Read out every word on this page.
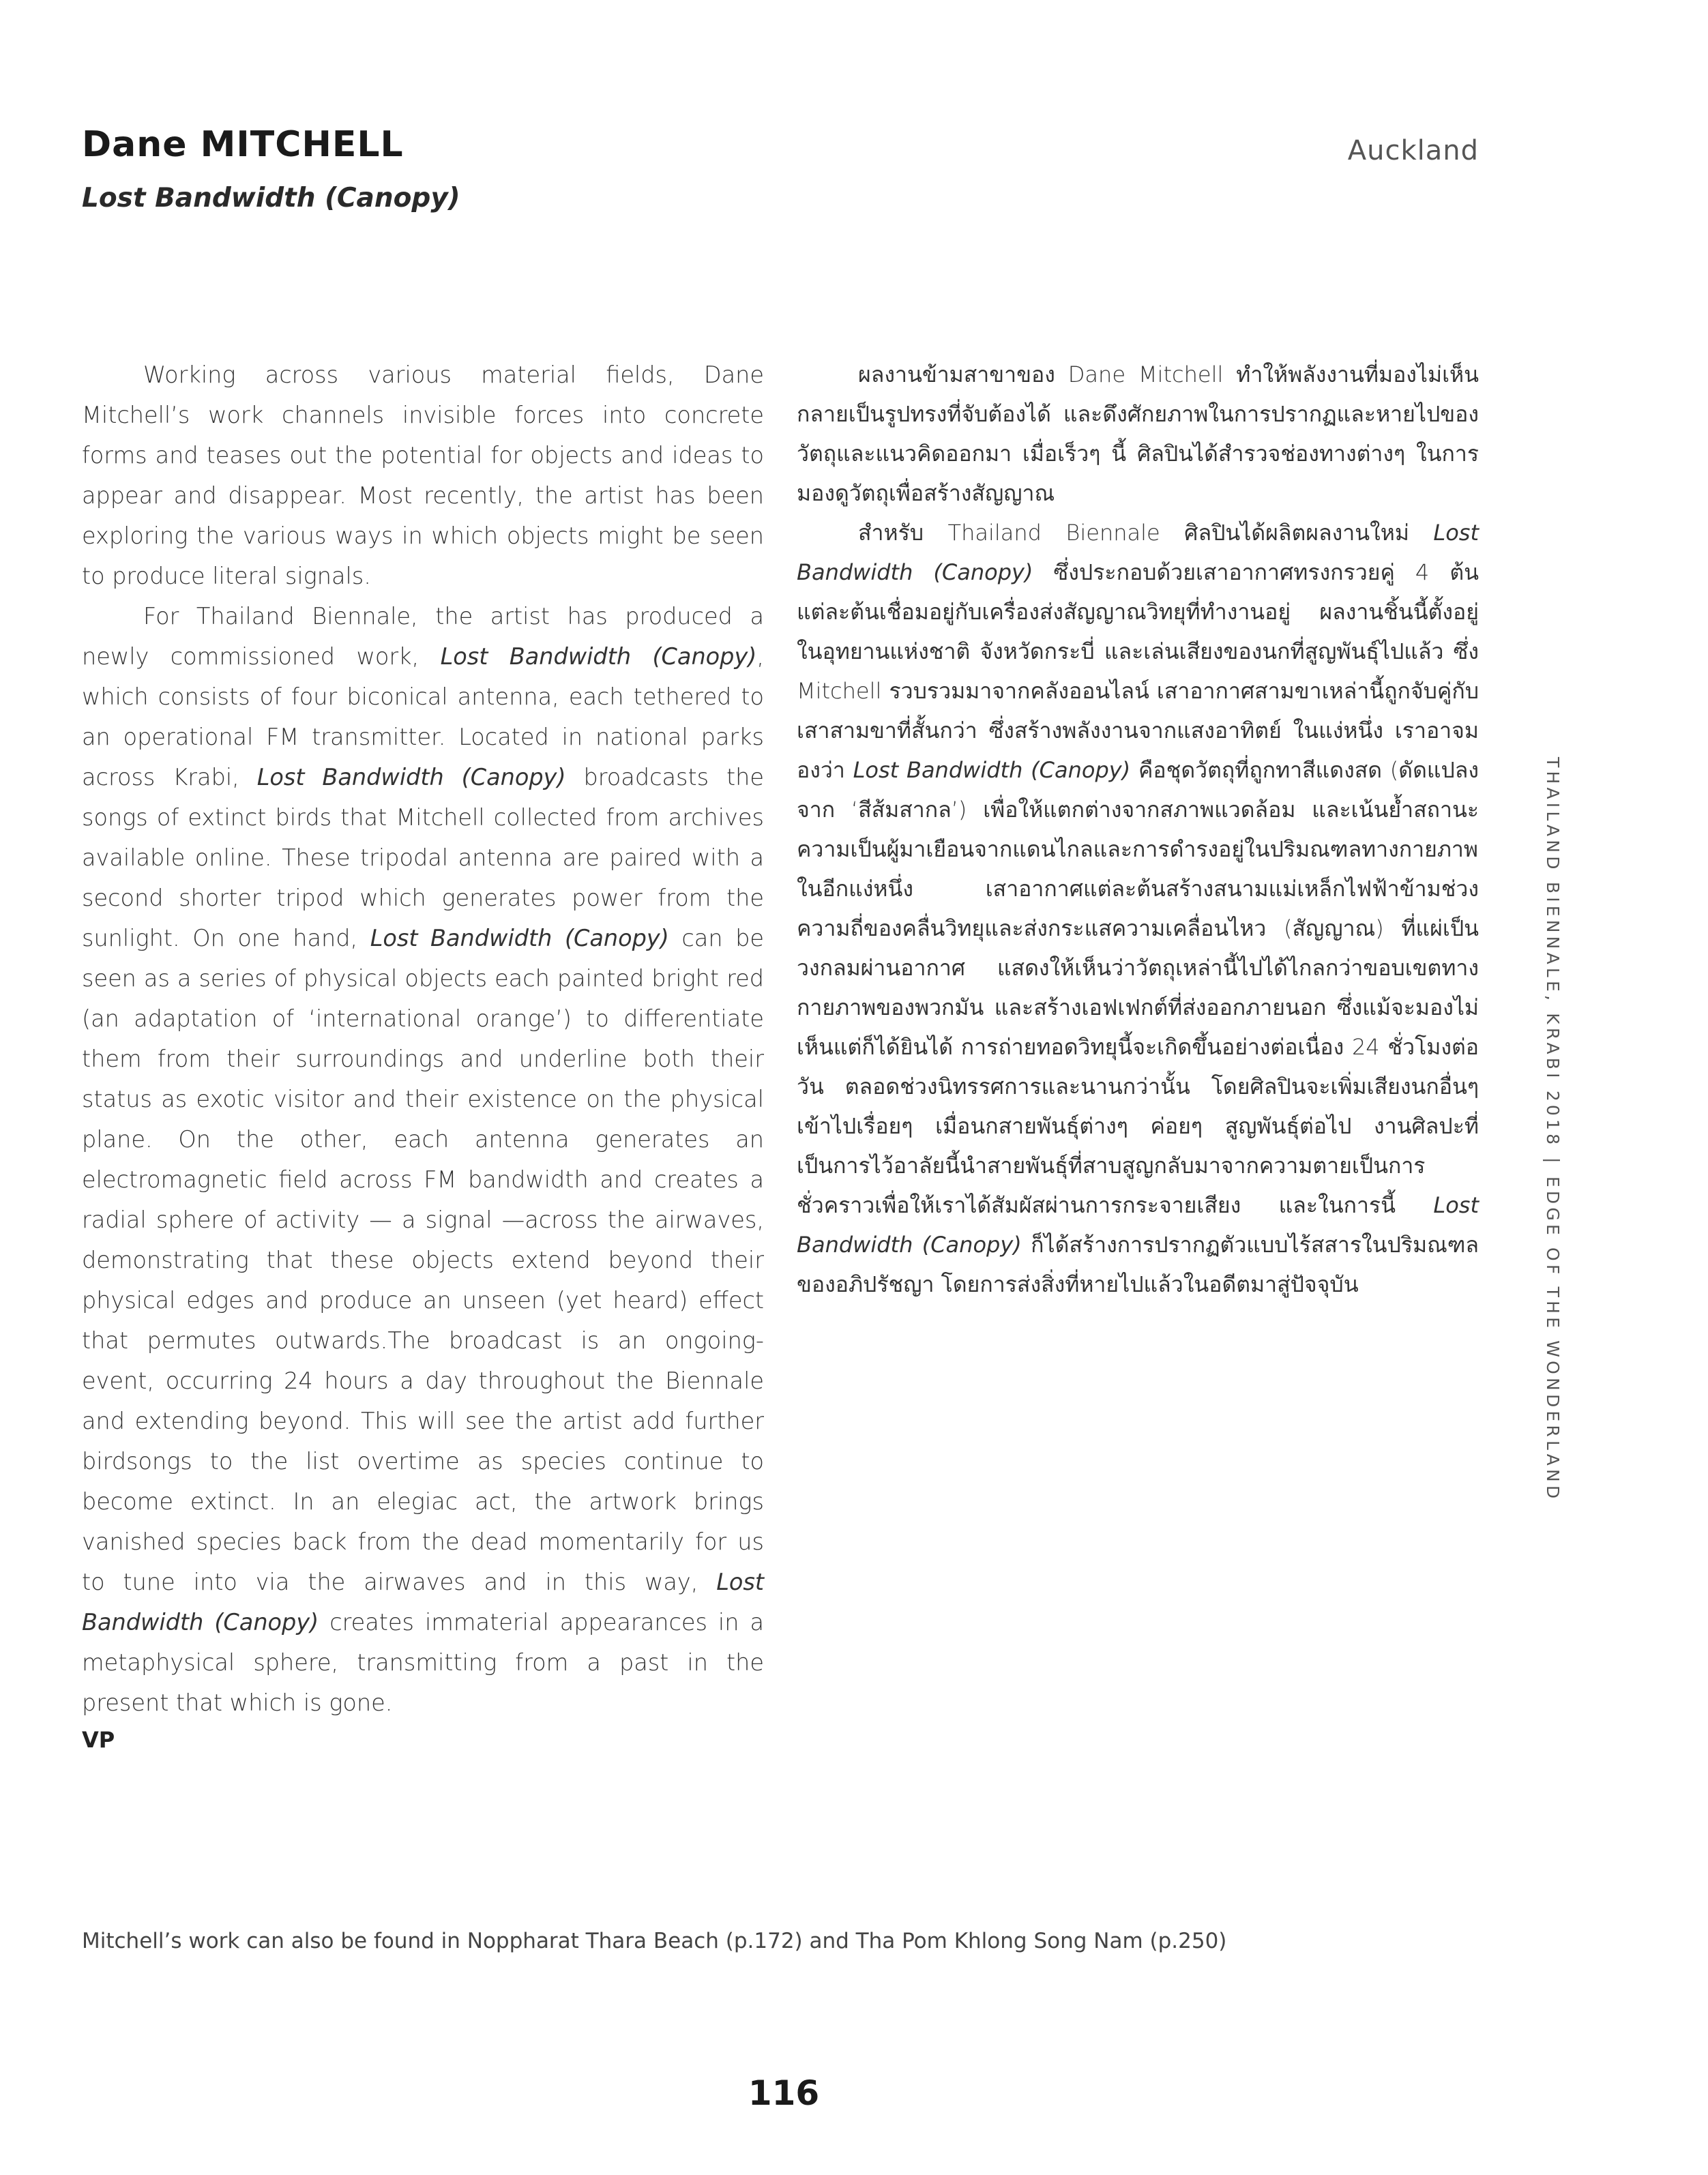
Dane MITCHELL
Lost Bandwidth (Canopy)
Auckland

Working across various material fields, Dane Mitchell’s work channels invisible forces into concrete forms and teases out the potential for objects and ideas to appear and disappear. Most recently, the artist has been exploring the various ways in which objects might be seen to produce literal signals.

For Thailand Biennale, the artist has produced a newly commissioned work, Lost Bandwidth (Canopy), which consists of four biconical antenna, each tethered to an operational FM transmitter. Located in national parks across Krabi, Lost Bandwidth (Canopy) broadcasts the songs of extinct birds that Mitchell collected from archives available online. These tripodal antenna are paired with a second shorter tripod which generates power from the sunlight. On one hand, Lost Bandwidth (Canopy) can be seen as a series of physical objects each painted bright red (an adaptation of ‘international orange’) to differentiate them from their surroundings and underline both their status as exotic visitor and their existence on the physical plane. On the other, each antenna generates an electromagnetic field across FM bandwidth and creates a radial sphere of activity — a signal —across the airwaves, demonstrating that these objects extend beyond their physical edges and produce an unseen (yet heard) effect that permutes outwards.The broadcast is an ongoing-event, occurring 24 hours a day throughout the Biennale and extending beyond. This will see the artist add further birdsongs to the list overtime as species continue to become extinct. In an elegiac act, the artwork brings vanished species back from the dead momentarily for us to tune into via the airwaves and in this way, Lost Bandwidth (Canopy) creates immaterial appearances in a metaphysical sphere, transmitting from a past in the present that which is gone.

VP

ผลงานข้ามสาขาของ Dane Mitchell ทำให้พลังงานที่มองไม่เห็นกลายเป็นรูปทรงที่จับต้องได้ และดึงศักยภาพในการปรากฏและหายไปของวัตถุและแนวคิดออกมา เมื่อเร็วๆ นี้ ศิลปินได้สำรวจช่องทางต่างๆ ในการมองดูวัตถุเพื่อสร้างสัญญาณ

สำหรับ Thailand Biennale ศิลปินได้ผลิตผลงานใหม่ Lost Bandwidth (Canopy) ซึ่งประกอบด้วยเสาอากาศทรงกรวยคู่ 4 ต้น แต่ละต้นเชื่อมอยู่กับเครื่องส่งสัญญาณวิทยุที่ทำงานอยู่ ผลงานชิ้นนี้ตั้งอยู่ในอุทยานแห่งชาติ จังหวัดกระบี่ และเล่นเสียงของนกที่สูญพันธุ์ไปแล้ว ซึ่ง Mitchell รวบรวมมาจากคลังออนไลน์ เสาอากาศสามขาเหล่านี้ถูกจับคู่กับเสาสามขาที่สั้นกว่า ซึ่งสร้างพลังงานจากแสงอาทิตย์ ในแง่หนึ่ง เราอาจมองว่า Lost Bandwidth (Canopy) คือชุดวัตถุที่ถูกทาสีแดงสด (ดัดแปลงจาก ‘สีส้มสากล’) เพื่อให้แตกต่างจากสภาพแวดล้อม และเน้นย้ำสถานะความเป็นผู้มาเยือนจากแดนไกลและการดำรงอยู่ในปริมณฑลทางกายภาพ ในอีกแง่หนึ่ง เสาอากาศแต่ละต้นสร้างสนามแม่เหล็กไฟฟ้าข้ามช่วงความถี่ของคลื่นวิทยุและส่งกระแสความเคลื่อนไหว (สัญญาณ) ที่แผ่เป็นวงกลมผ่านอากาศ แสดงให้เห็นว่าวัตถุเหล่านี้ไปได้ไกลกว่าขอบเขตทางกายภาพของพวกมัน และสร้างเอฟเฟกต์ที่ส่งออกภายนอก ซึ่งแม้จะมองไม่เห็นแต่ก็ได้ยินได้ การถ่ายทอดวิทยุนี้จะเกิดขึ้นอย่างต่อเนื่อง 24 ชั่วโมงต่อวัน ตลอดช่วงนิทรรศการและนานกว่านั้น โดยศิลปินจะเพิ่มเสียงนกอื่นๆ เข้าไปเรื่อยๆ เมื่อนกสายพันธุ์ต่างๆ ค่อยๆ สูญพันธุ์ต่อไป งานศิลปะที่เป็นการไว้อาลัยนี้นำสายพันธุ์ที่สาบสูญกลับมาจากความตายเป็นการชั่วคราวเพื่อให้เราได้สัมผัสผ่านการกระจายเสียง และในการนี้ Lost Bandwidth (Canopy) ก็ได้สร้างการปรากฏตัวแบบไร้สสารในปริมณฑลของอภิปรัชญา โดยการส่งสิ่งที่หายไปแล้วในอดีตมาสู่ปัจจุบัน

THAILAND BIENNALE, KRABI 2018|EDGE OF THE WONDERLAND

Mitchell’s work can also be found in Noppharat Thara Beach (p.172) and Tha Pom Khlong Song Nam (p.250)

116
